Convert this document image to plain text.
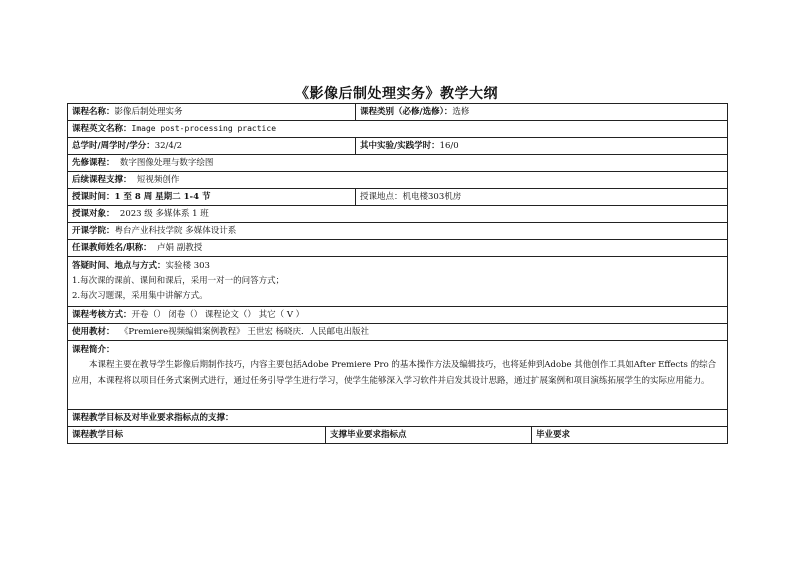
《影像后制处理实务》教学大纲
课程名称：影像后制处理实务		课程类别（必修/选修）：选修	
课程英文名称：Image post-processing practice			
总学时/周学时/学分：32/4/2		其中实验/实践学时：16/0	
先修课程： 数字图像处理与数字绘图			
后续课程支撑： 短视频创作			
授课时间：1 至 8 周 星期二 1-4 节		授课地点：机电楼303机房	
授课对象： 2023 级 多媒体系 1 班			
开课学院：粤台产业科技学院 多媒体设计系			
任课教师姓名/职称： 卢娟 副教授			

答疑时间、地点与方式：实验楼 303
1.每次课的课前、课间和课后，采用一对一的问答方式；
2.每次习题课，采用集中讲解方式。			

课程考核方式：开卷（） 闭卷（） 课程论文（） 其它（ V ）			
使用教材： 《Premiere视频编辑案例教程》 王世宏 杨晓庆．人民邮电出版社			

课程简介：
本课程主要在教导学生影像后期制作技巧，内容主要包括Adobe Premiere Pro 的基本操作方法及编辑技巧，也将延伸到Adobe 其他创作工具如After Effects 的综合应用，本课程将以项目任务式案例式进行，通过任务引导学生进行学习，使学生能够深入学习软件并启发其设计思路，通过扩展案例和项目演练拓展学生的实际应用能力。			

课程教学目标及对毕业要求指标点的支撑：			
课程教学目标	支撑毕业要求指标点		毕业要求
